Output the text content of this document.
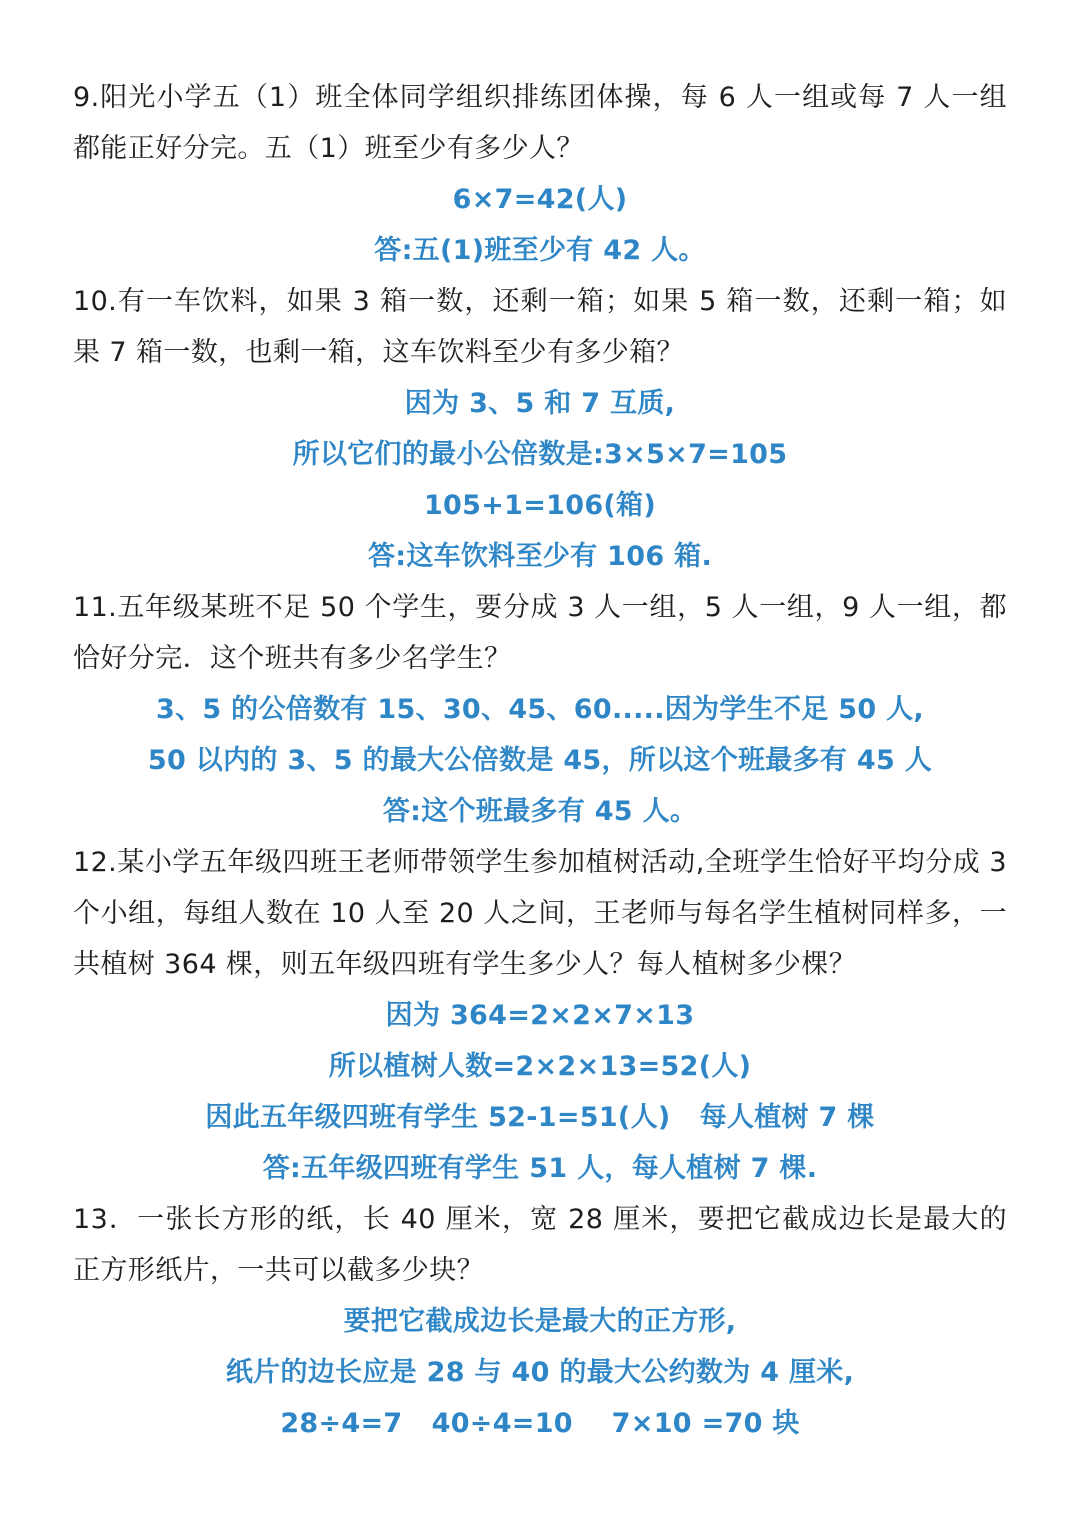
9.阳光小学五（1）班全体同学组织排练团体操，每 6 人一组或每 7 人一组都能正好分完。五（1）班至少有多少人？
6×7=42(人)
答:五(1)班至少有 42 人。
10.有一车饮料，如果 3 箱一数，还剩一箱；如果 5 箱一数，还剩一箱；如果 7 箱一数，也剩一箱，这车饮料至少有多少箱？
因为 3、5 和 7 互质,
所以它们的最小公倍数是:3×5×7=105
105+1=106(箱)
答:这车饮料至少有 106 箱.
11.五年级某班不足 50 个学生，要分成 3 人一组，5 人一组，9 人一组，都恰好分完．这个班共有多少名学生？
3、5 的公倍数有 15、30、45、60.....因为学生不足 50 人,
50 以内的 3、5 的最大公倍数是 45，所以这个班最多有 45 人
答:这个班最多有 45 人。
12.某小学五年级四班王老师带领学生参加植树活动,全班学生恰好平均分成 3 个小组，每组人数在 10 人至 20 人之间，王老师与每名学生植树同样多，一共植树 364 棵，则五年级四班有学生多少人？每人植树多少棵？
因为 364=2×2×7×13
所以植树人数=2×2×13=52(人)
因此五年级四班有学生 52-1=51(人)   每人植树 7 棵
答:五年级四班有学生 51 人，每人植树 7 棵.
13．一张长方形的纸，长 40 厘米，宽 28 厘米，要把它截成边长是最大的正方形纸片，一共可以截多少块？
要把它截成边长是最大的正方形,
纸片的边长应是 28 与 40 的最大公约数为 4 厘米,
28÷4=7   40÷4=10    7×10 =70 块
